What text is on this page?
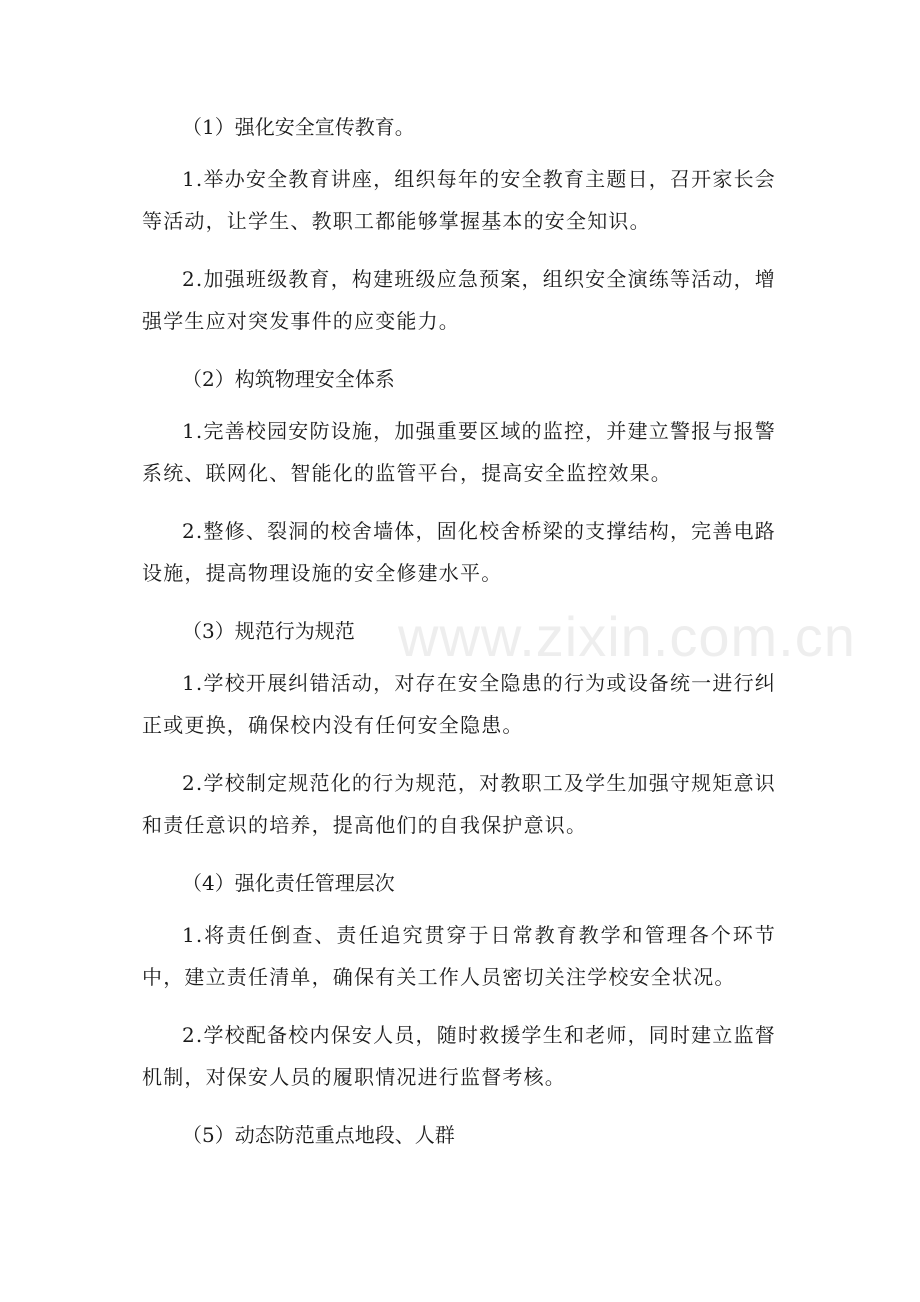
（1）强化安全宣传教育。

1.举办安全教育讲座，组织每年的安全教育主题日，召开家长会等活动，让学生、教职工都能够掌握基本的安全知识。

2.加强班级教育，构建班级应急预案，组织安全演练等活动，增强学生应对突发事件的应变能力。

（2）构筑物理安全体系

1.完善校园安防设施，加强重要区域的监控，并建立警报与报警系统、联网化、智能化的监管平台，提高安全监控效果。

2.整修、裂洞的校舍墙体，固化校舍桥梁的支撑结构，完善电路设施，提高物理设施的安全修建水平。

（3）规范行为规范

1.学校开展纠错活动，对存在安全隐患的行为或设备统一进行纠正或更换，确保校内没有任何安全隐患。

2.学校制定规范化的行为规范，对教职工及学生加强守规矩意识和责任意识的培养，提高他们的自我保护意识。

（4）强化责任管理层次

1.将责任倒查、责任追究贯穿于日常教育教学和管理各个环节中，建立责任清单，确保有关工作人员密切关注学校安全状况。

2.学校配备校内保安人员，随时救援学生和老师，同时建立监督机制，对保安人员的履职情况进行监督考核。

（5）动态防范重点地段、人群

www.zixin.com.cn
